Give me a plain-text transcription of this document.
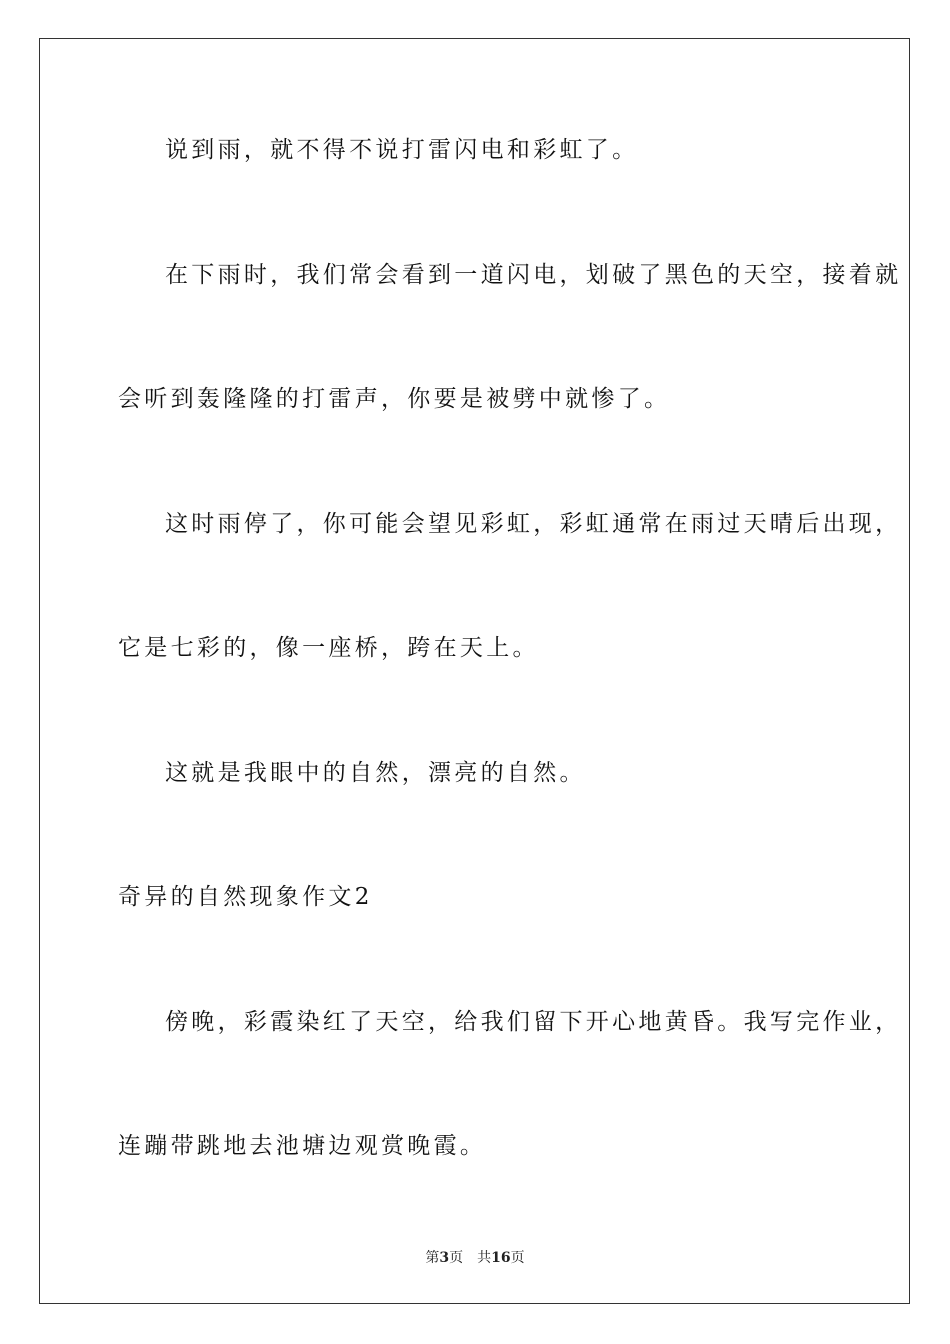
说到雨，就不得不说打雷闪电和彩虹了。
在下雨时，我们常会看到一道闪电，划破了黑色的天空，接着就
会听到轰隆隆的打雷声，你要是被劈中就惨了。
这时雨停了，你可能会望见彩虹，彩虹通常在雨过天晴后出现，
它是七彩的，像一座桥，跨在天上。
这就是我眼中的自然，漂亮的自然。
奇异的自然现象作文2
傍晚，彩霞染红了天空，给我们留下开心地黄昏。我写完作业，
连蹦带跳地去池塘边观赏晚霞。
第3页 共16页
